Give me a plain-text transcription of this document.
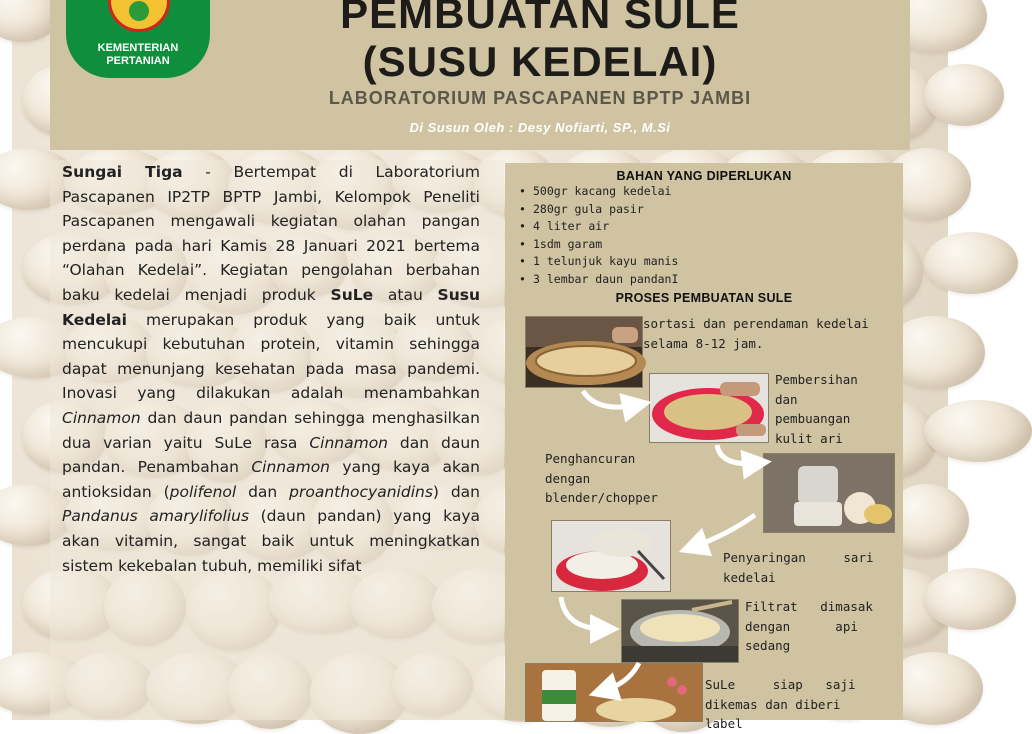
KEMENTERIAN
PERTANIAN
PEMBUATAN SULE
(SUSU KEDELAI)
LABORATORIUM PASCAPANEN BPTP JAMBI
Di Susun Oleh : Desy Nofiarti, SP., M.Si

Sungai Tiga - Bertempat di Laboratorium Pascapanen IP2TP BPTP Jambi, Kelompok Peneliti Pascapanen mengawali kegiatan olahan pangan perdana pada hari Kamis 28 Januari 2021 bertema “Olahan Kedelai”. Kegiatan pengolahan berbahan baku kedelai menjadi produk SuLe atau Susu Kedelai merupakan produk yang baik untuk mencukupi kebutuhan protein, vitamin sehingga dapat menunjang kesehatan pada masa pandemi. Inovasi yang dilakukan adalah menambahkan Cinnamon dan daun pandan sehingga menghasilkan dua varian yaitu SuLe rasa Cinnamon dan daun pandan. Penambahan Cinnamon yang kaya akan antioksidan (polifenol dan proanthocyanidins) dan Pandanus amarylifolius (daun pandan) yang kaya akan vitamin, sangat baik untuk meningkatkan sistem kekebalan tubuh, memiliki sifat

BAHAN YANG DIPERLUKAN
• 500gr kacang kedelai
• 280gr gula pasir
• 4 liter air
• 1sdm garam
• 1 telunjuk kayu manis
• 3 lembar daun pandanI
PROSES PEMBUATAN SULE
sortasi dan perendaman kedelai
selama 8-12 jam.
Pembersihan
dan
pembuangan
kulit ari
Penghancuran
dengan
blender/chopper
Penyaringan     sari
kedelai
Filtrat   dimasak
dengan      api
sedang
SuLe     siap   saji
dikemas dan diberi
label
